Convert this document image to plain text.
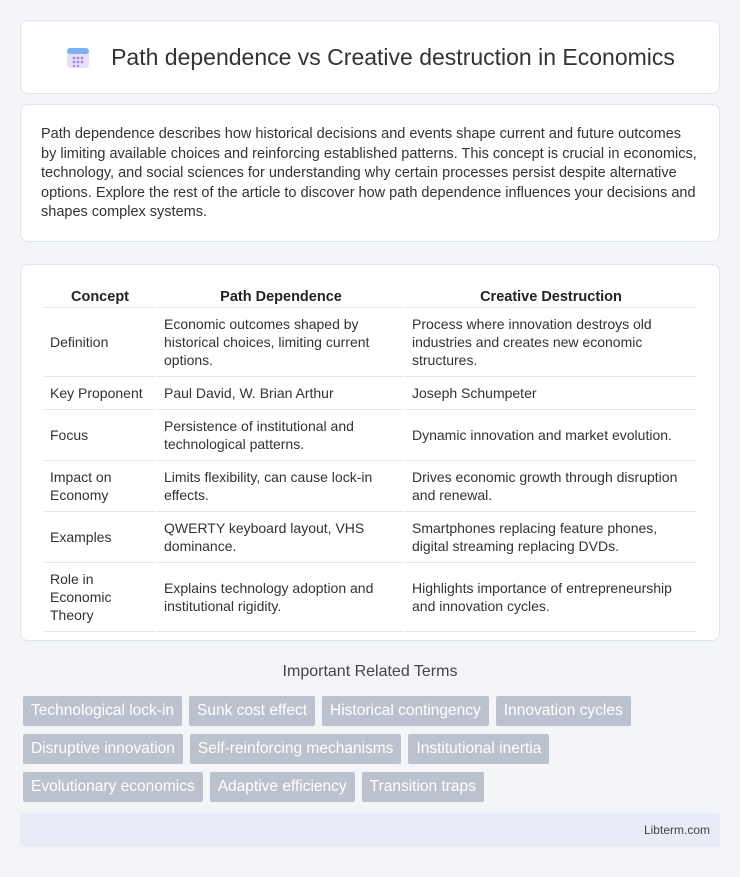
Path dependence vs Creative destruction in Economics

Path dependence describes how historical decisions and events shape current and future outcomes by limiting available choices and reinforcing established patterns. This concept is crucial in economics, technology, and social sciences for understanding why certain processes persist despite alternative options. Explore the rest of the article to discover how path dependence influences your decisions and shapes complex systems.

Concept	Path Dependence	Creative Destruction
Definition	Economic outcomes shaped by historical choices, limiting current options.	Process where innovation destroys old industries and creates new economic structures.
Key Proponent	Paul David, W. Brian Arthur	Joseph Schumpeter
Focus	Persistence of institutional and technological patterns.	Dynamic innovation and market evolution.
Impact on Economy	Limits flexibility, can cause lock-in effects.	Drives economic growth through disruption and renewal.
Examples	QWERTY keyboard layout, VHS dominance.	Smartphones replacing feature phones, digital streaming replacing DVDs.
Role in Economic Theory	Explains technology adoption and institutional rigidity.	Highlights importance of entrepreneurship and innovation cycles.
Important Related Terms
Technological lock-in	Sunk cost effect	Historical contingency	Innovation cycles
Disruptive innovation	Self-reinforcing mechanisms	Institutional inertia
Evolutionary economics	Adaptive efficiency	Transition traps
Libterm.com
